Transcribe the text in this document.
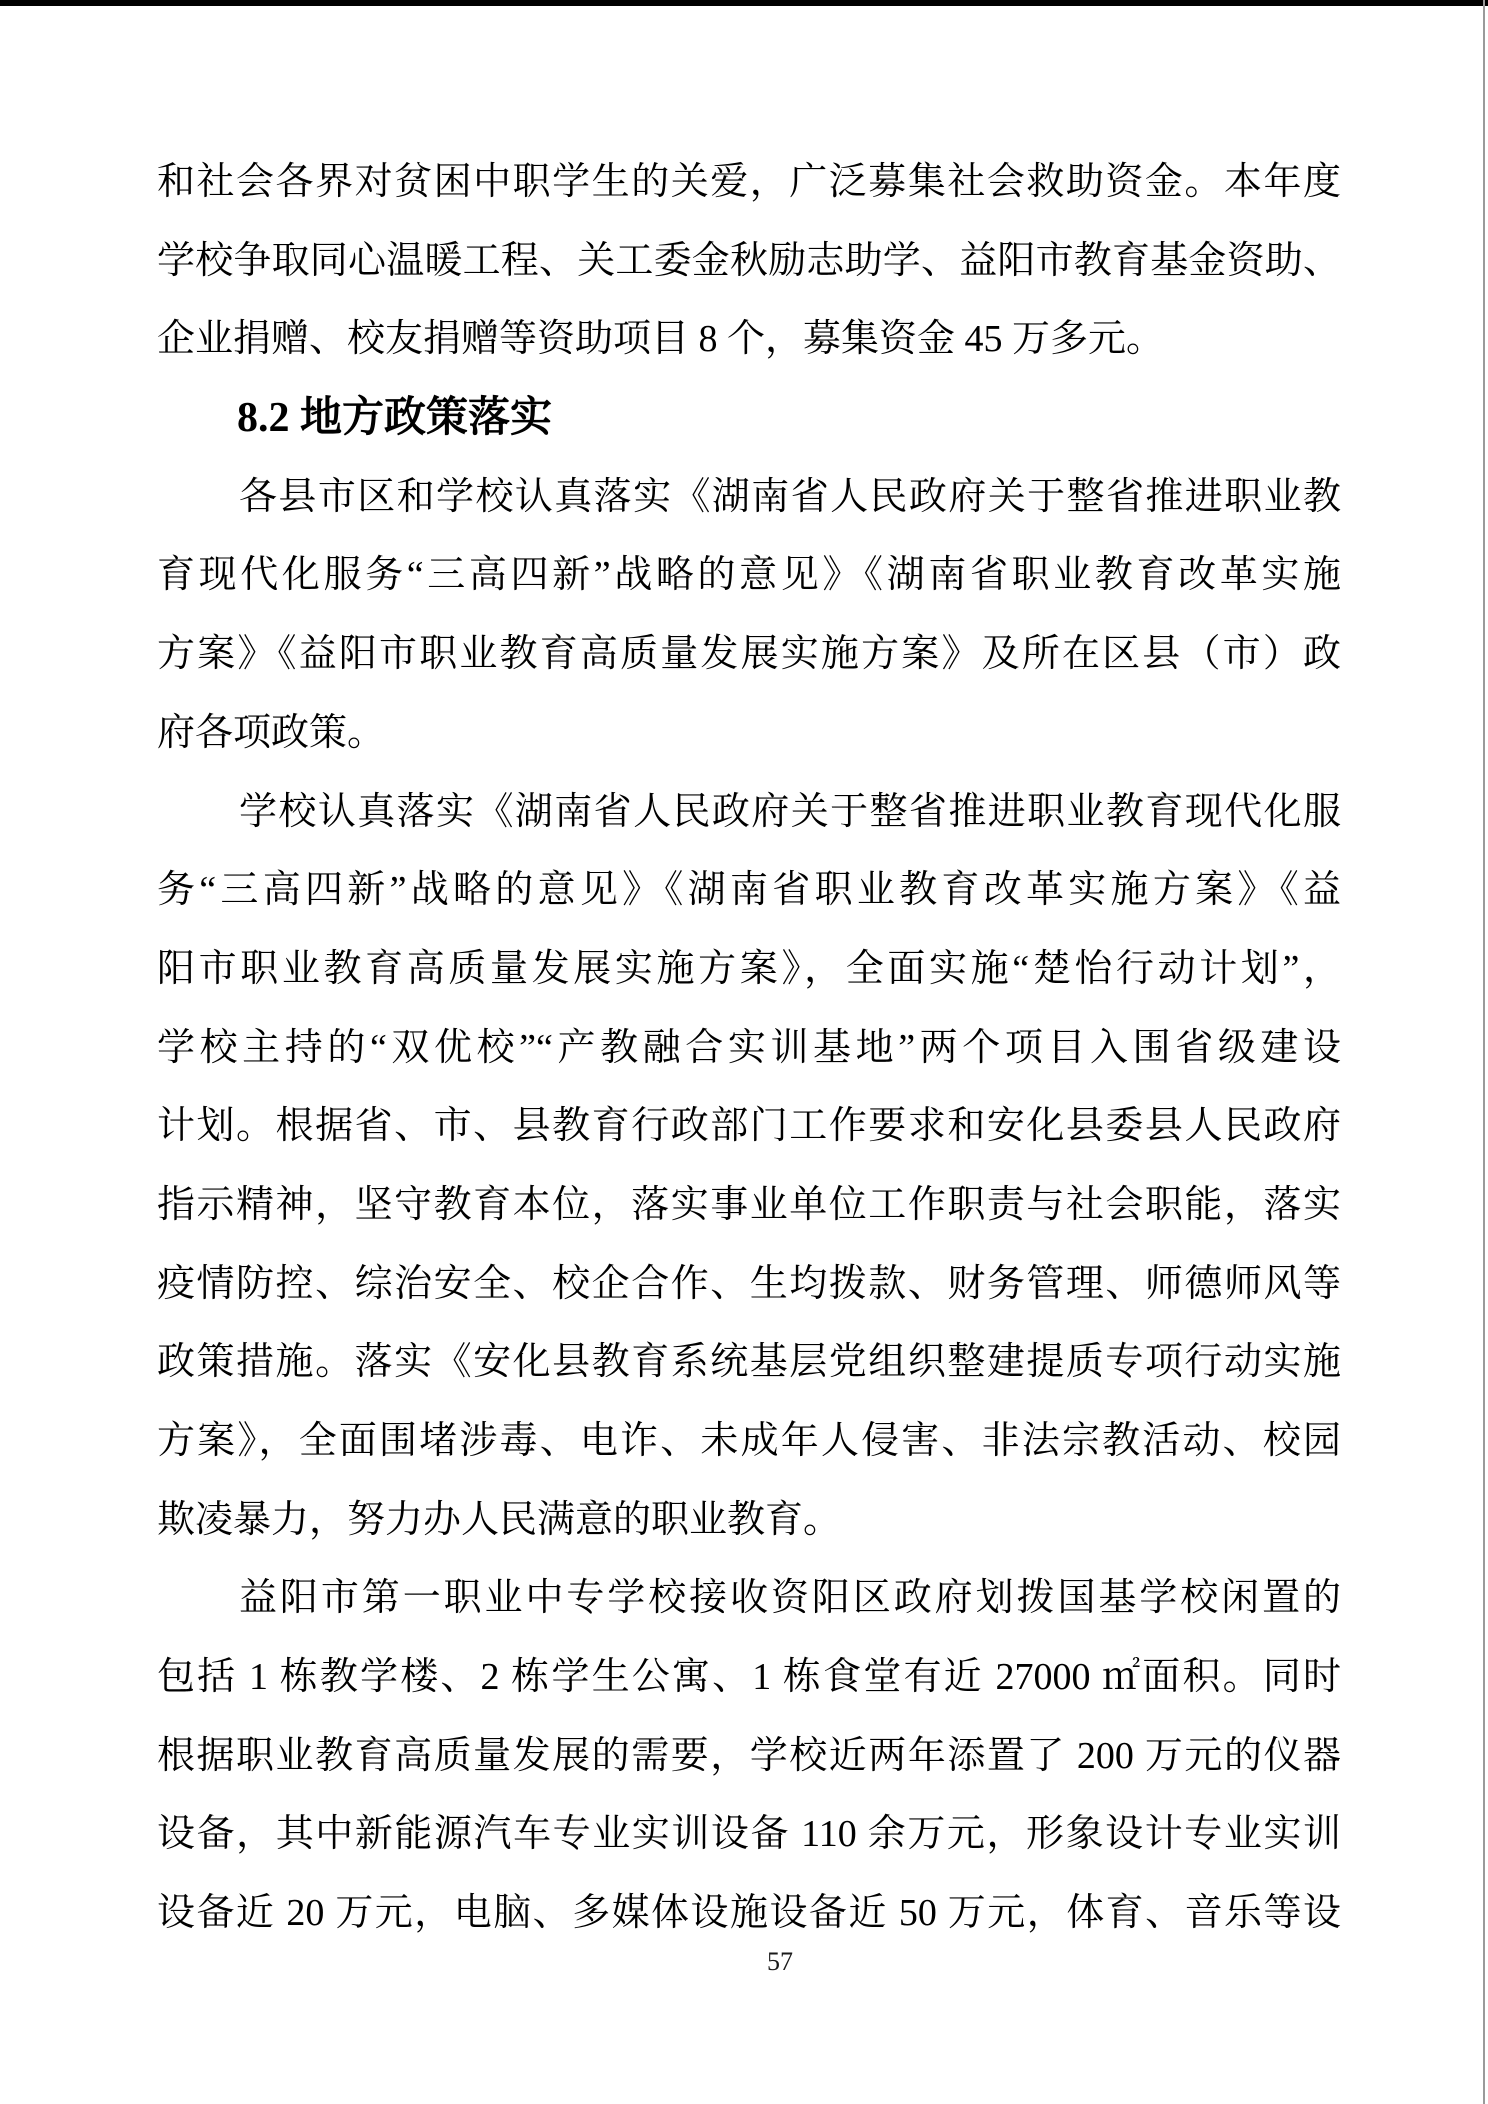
和社会各界对贫困中职学生的关爱，广泛募集社会救助资金。本年度
学校争取同心温暖工程、关工委金秋励志助学、益阳市教育基金资助、
企业捐赠、校友捐赠等资助项目 8 个，募集资金 45 万多元。
8.2 地方政策落实
各县市区和学校认真落实《湖南省人民政府关于整省推进职业教
育现代化服务“三高四新”战略的意见》《湖南省职业教育改革实施
方案》《益阳市职业教育高质量发展实施方案》及所在区县（市）政
府各项政策。
学校认真落实《湖南省人民政府关于整省推进职业教育现代化服
务“三高四新”战略的意见》《湖南省职业教育改革实施方案》《益
阳市职业教育高质量发展实施方案》，全面实施“楚怡行动计划”，
学校主持的“双优校”“产教融合实训基地”两个项目入围省级建设
计划。根据省、市、县教育行政部门工作要求和安化县委县人民政府
指示精神，坚守教育本位，落实事业单位工作职责与社会职能，落实
疫情防控、综治安全、校企合作、生均拨款、财务管理、师德师风等
政策措施。落实《安化县教育系统基层党组织整建提质专项行动实施
方案》，全面围堵涉毒、电诈、未成年人侵害、非法宗教活动、校园
欺凌暴力，努力办人民满意的职业教育。
益阳市第一职业中专学校接收资阳区政府划拨国基学校闲置的
包括 1 栋教学楼、2 栋学生公寓、1 栋食堂有近 27000 ㎡面积。同时
根据职业教育高质量发展的需要，学校近两年添置了 200 万元的仪器
设备，其中新能源汽车专业实训设备 110 余万元，形象设计专业实训
设备近 20 万元，电脑、多媒体设施设备近 50 万元，体育、音乐等设
57
